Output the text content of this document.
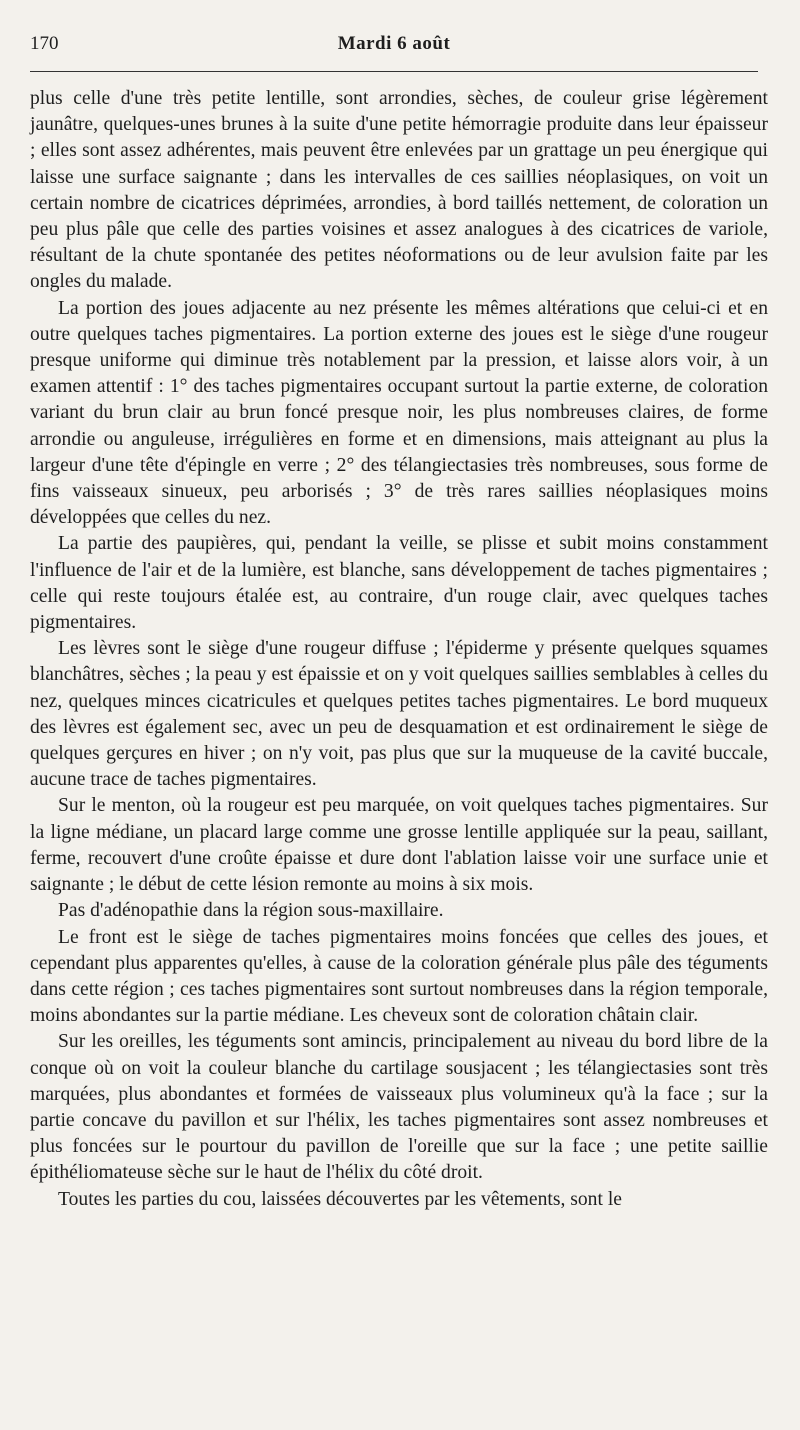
170	Mardi 6 août

plus celle d'une très petite lentille, sont arrondies, sèches, de couleur grise légèrement jaunâtre, quelques-unes brunes à la suite d'une petite hémorragie produite dans leur épaisseur ; elles sont assez adhérentes, mais peuvent être enlevées par un grattage un peu énergique qui laisse une surface saignante ; dans les intervalles de ces saillies néoplasiques, on voit un certain nombre de cicatrices déprimées, arrondies, à bord taillés nettement, de coloration un peu plus pâle que celle des parties voisines et assez analogues à des cicatrices de variole, résultant de la chute spontanée des petites néoformations ou de leur avulsion faite par les ongles du malade.

La portion des joues adjacente au nez présente les mêmes altérations que celui-ci et en outre quelques taches pigmentaires. La portion externe des joues est le siège d'une rougeur presque uniforme qui diminue très notablement par la pression, et laisse alors voir, à un examen attentif : 1° des taches pigmentaires occupant surtout la partie externe, de coloration variant du brun clair au brun foncé presque noir, les plus nombreuses claires, de forme arrondie ou anguleuse, irrégulières en forme et en dimensions, mais atteignant au plus la largeur d'une tête d'épingle en verre ; 2° des télangiectasies très nombreuses, sous forme de fins vaisseaux sinueux, peu arborisés ; 3° de très rares saillies néoplasiques moins développées que celles du nez.

La partie des paupières, qui, pendant la veille, se plisse et subit moins constamment l'influence de l'air et de la lumière, est blanche, sans développement de taches pigmentaires ; celle qui reste toujours étalée est, au contraire, d'un rouge clair, avec quelques taches pigmentaires.

Les lèvres sont le siège d'une rougeur diffuse ; l'épiderme y présente quelques squames blanchâtres, sèches ; la peau y est épaissie et on y voit quelques saillies semblables à celles du nez, quelques minces cicatricules et quelques petites taches pigmentaires. Le bord muqueux des lèvres est également sec, avec un peu de desquamation et est ordinairement le siège de quelques gerçures en hiver ; on n'y voit, pas plus que sur la muqueuse de la cavité buccale, aucune trace de taches pigmentaires.

Sur le menton, où la rougeur est peu marquée, on voit quelques taches pigmentaires. Sur la ligne médiane, un placard large comme une grosse lentille appliquée sur la peau, saillant, ferme, recouvert d'une croûte épaisse et dure dont l'ablation laisse voir une surface unie et saignante ; le début de cette lésion remonte au moins à six mois.

Pas d'adénopathie dans la région sous-maxillaire.

Le front est le siège de taches pigmentaires moins foncées que celles des joues, et cependant plus apparentes qu'elles, à cause de la coloration générale plus pâle des téguments dans cette région ; ces taches pigmentaires sont surtout nombreuses dans la région temporale, moins abondantes sur la partie médiane. Les cheveux sont de coloration châtain clair.

Sur les oreilles, les téguments sont amincis, principalement au niveau du bord libre de la conque où on voit la couleur blanche du cartilage sousjacent ; les télangiectasies sont très marquées, plus abondantes et formées de vaisseaux plus volumineux qu'à la face ; sur la partie concave du pavillon et sur l'hélix, les taches pigmentaires sont assez nombreuses et plus foncées sur le pourtour du pavillon de l'oreille que sur la face ; une petite saillie épithéliomateuse sèche sur le haut de l'hélix du côté droit.

Toutes les parties du cou, laissées découvertes par les vêtements, sont le
